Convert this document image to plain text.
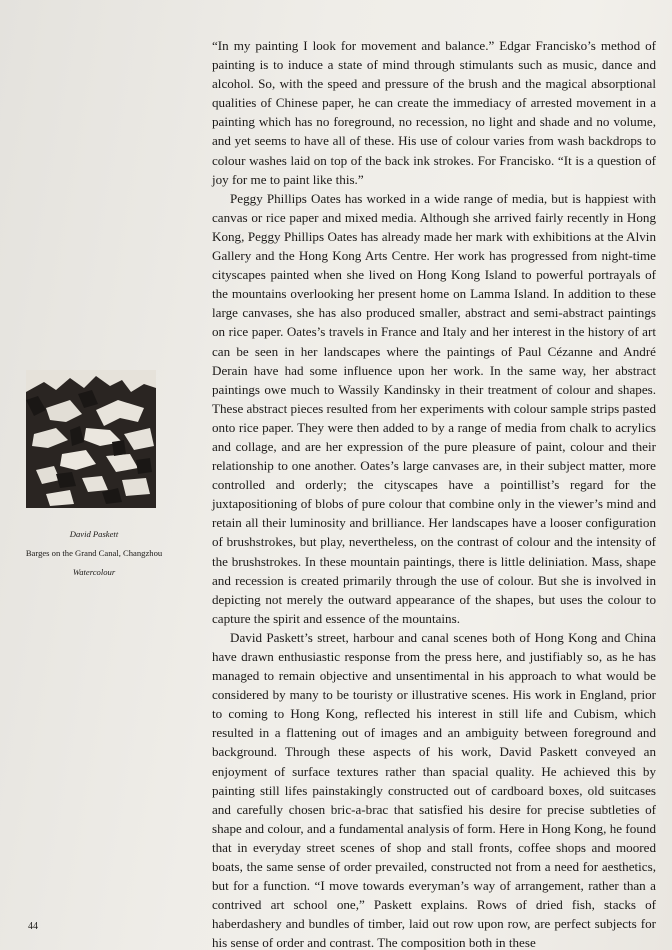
“In my painting I look for movement and balance.” Edgar Francisko’s method of painting is to induce a state of mind through stimulants such as music, dance and alcohol. So, with the speed and pressure of the brush and the magical absorptional qualities of Chinese paper, he can create the immediacy of arrested movement in a painting which has no foreground, no recession, no light and shade and no volume, and yet seems to have all of these. His use of colour varies from wash backdrops to colour washes laid on top of the back ink strokes. For Francisko. “It is a question of joy for me to paint like this.”

Peggy Phillips Oates has worked in a wide range of media, but is happiest with canvas or rice paper and mixed media. Although she arrived fairly recently in Hong Kong, Peggy Phillips Oates has already made her mark with exhibitions at the Alvin Gallery and the Hong Kong Arts Centre. Her work has progressed from night-time cityscapes painted when she lived on Hong Kong Island to powerful portrayals of the mountains overlooking her present home on Lamma Island. In addition to these large canvases, she has also produced smaller, abstract and semi-abstract paintings on rice paper. Oates’s travels in France and Italy and her interest in the history of art can be seen in her landscapes where the paintings of Paul Cézanne and André Derain have had some influence upon her work. In the same way, her abstract paintings owe much to Wassily Kandinsky in their treatment of colour and shapes. These abstract pieces resulted from her experiments with colour sample strips pasted onto rice paper. They were then added to by a range of media from chalk to acrylics and collage, and are her expression of the pure pleasure of paint, colour and their relationship to one another. Oates’s large canvases are, in their subject matter, more controlled and orderly; the cityscapes have a pointillist’s regard for the juxtapositioning of blobs of pure colour that combine only in the viewer’s mind and retain all their luminosity and brilliance. Her landscapes have a looser configuration of brushstrokes, but play, nevertheless, on the contrast of colour and the intensity of the brushstrokes. In these mountain paintings, there is little deliniation. Mass, shape and recession is created primarily through the use of colour. But she is involved in depicting not merely the outward appearance of the shapes, but uses the colour to capture the spirit and essence of the mountains.

David Paskett’s street, harbour and canal scenes both of Hong Kong and China have drawn enthusiastic response from the press here, and justifiably so, as he has managed to remain objective and unsentimental in his approach to what would be considered by many to be touristy or illustrative scenes. His work in England, prior to coming to Hong Kong, reflected his interest in still life and Cubism, which resulted in a flattening out of images and an ambiguity between foreground and background. Through these aspects of his work, David Paskett conveyed an enjoyment of surface textures rather than spacial quality. He achieved this by painting still lifes painstakingly constructed out of cardboard boxes, old suitcases and carefully chosen bric-a-brac that satisfied his desire for precise subtleties of shape and colour, and a fundamental analysis of form. Here in Hong Kong, he found that in everyday street scenes of shop and stall fronts, coffee shops and moored boats, the same sense of order prevailed, constructed not from a need for aesthetics, but for a function. “I move towards everyman’s way of arrangement, rather than a contrived art school one,” Paskett explains. Rows of dried fish, stacks of haberdashery and bundles of timber, laid out row upon row, are perfect subjects for his sense of order and contrast. The composition both in these

David Paskett
Barges on the Grand Canal, Changzhou
Watercolour
44
